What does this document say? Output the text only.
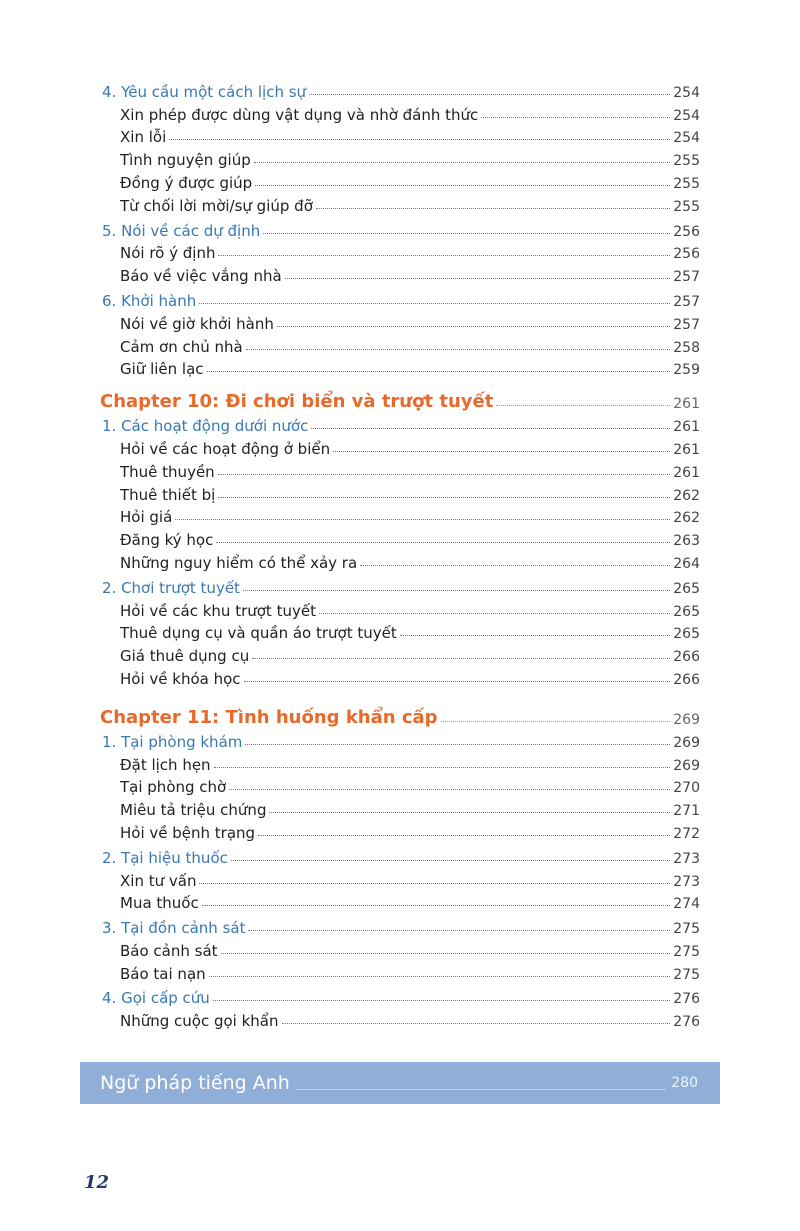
4. Yêu cầu một cách lịch sự	254
Xin phép được dùng vật dụng và nhờ đánh thức	254
Xin lỗi	254
Tình nguyện giúp	255
Đồng ý được giúp	255
Từ chối lời mời/sự giúp đỡ	255
5. Nói về các dự định	256
Nói rõ ý định	256
Báo về việc vắng nhà	257
6. Khởi hành	257
Nói về giờ khởi hành	257
Cảm ơn chủ nhà	258
Giữ liên lạc	259
Chapter 10: Đi chơi biển và trượt tuyết	261
1. Các hoạt động dưới nước	261
Hỏi về các hoạt động ở biển	261
Thuê thuyền	261
Thuê thiết bị	262
Hỏi giá	262
Đăng ký học	263
Những nguy hiểm có thể xảy ra	264
2. Chơi trượt tuyết	265
Hỏi về các khu trượt tuyết	265
Thuê dụng cụ và quần áo trượt tuyết	265
Giá thuê dụng cụ	266
Hỏi về khóa học	266
Chapter 11: Tình huống khẩn cấp	269
1. Tại phòng khám	269
Đặt lịch hẹn	269
Tại phòng chờ	270
Miêu tả triệu chứng	271
Hỏi về bệnh trạng	272
2. Tại hiệu thuốc	273
Xin tư vấn	273
Mua thuốc	274
3. Tại đồn cảnh sát	275
Báo cảnh sát	275
Báo tai nạn	275
4. Gọi cấp cứu	276
Những cuộc gọi khẩn	276
Ngữ pháp tiếng Anh	280
12
